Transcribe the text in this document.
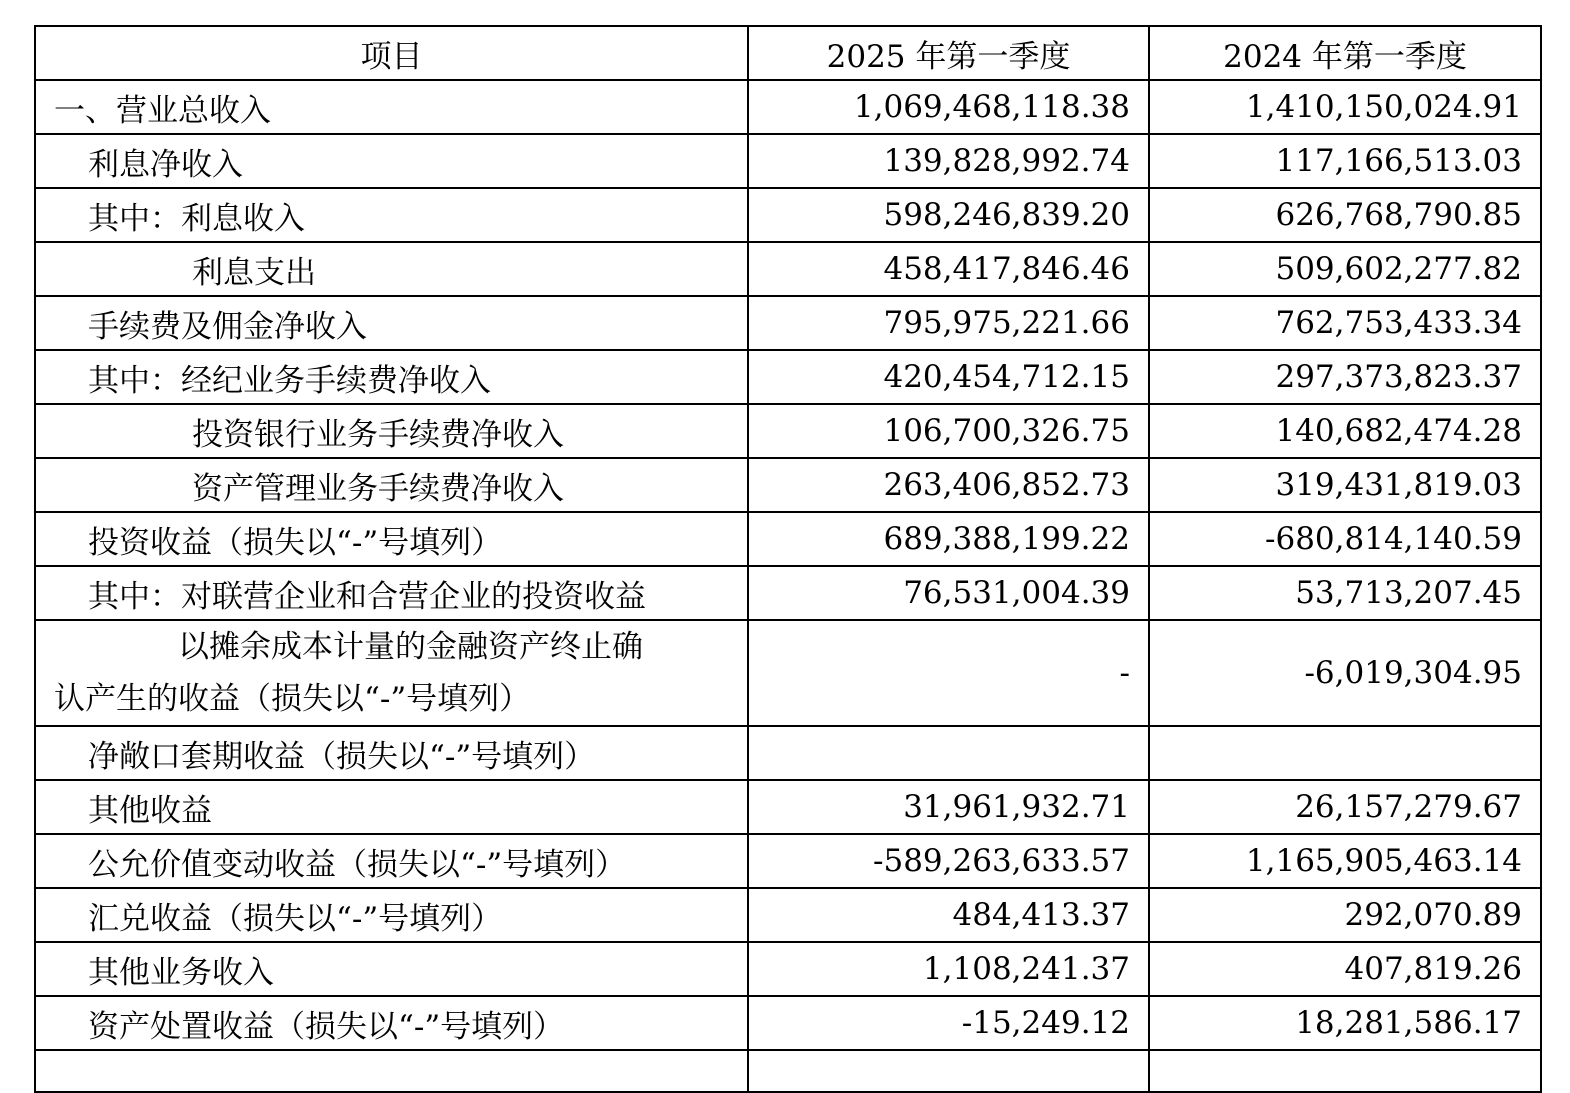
项目	2025 年第一季度	2024 年第一季度
一、营业总收入	1,069,468,118.38	1,410,150,024.91
利息净收入	139,828,992.74	117,166,513.03
其中：利息收入	598,246,839.20	626,768,790.85
利息支出	458,417,846.46	509,602,277.82
手续费及佣金净收入	795,975,221.66	762,753,433.34
其中：经纪业务手续费净收入	420,454,712.15	297,373,823.37
投资银行业务手续费净收入	106,700,326.75	140,682,474.28
资产管理业务手续费净收入	263,406,852.73	319,431,819.03
投资收益（损失以“-”号填列）	689,388,199.22	-680,814,140.59
其中：对联营企业和合营企业的投资收益	76,531,004.39	53,713,207.45

以摊余成本计量的金融资产终止确
认产生的收益（损失以“-”号填列）	-	-6,019,304.95
净敞口套期收益（损失以“-”号填列）		
其他收益	31,961,932.71	26,157,279.67
公允价值变动收益（损失以“-”号填列）	-589,263,633.57	1,165,905,463.14
汇兑收益（损失以“-”号填列）	484,413.37	292,070.89
其他业务收入	1,108,241.37	407,819.26
资产处置收益（损失以“-”号填列）	-15,249.12	18,281,586.17
